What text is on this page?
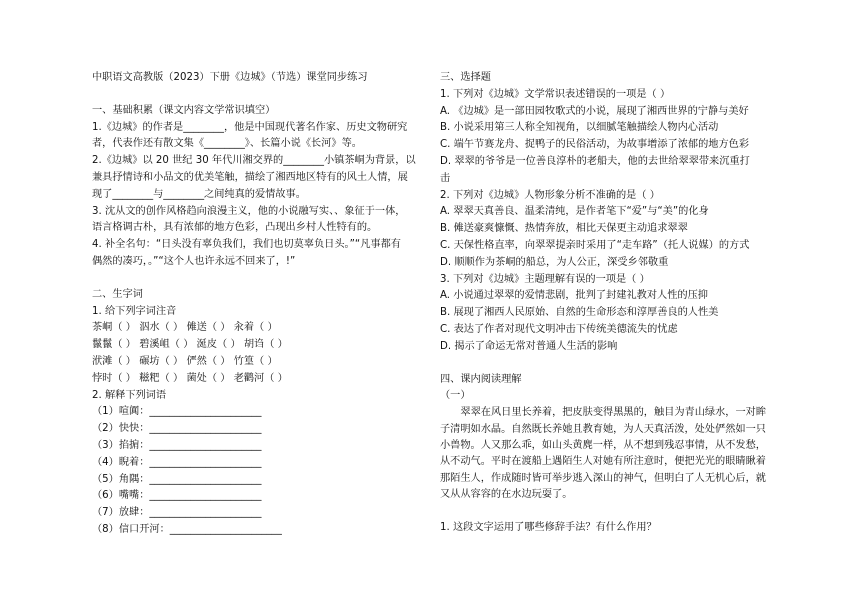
中职语文高教版（2023）下册《边城》（节选）课堂同步练习
一、基础积累（课文内容文学常识填空）
1.《边城》的作者是________，他是中国现代著名作家、历史文物研究
者，代表作还有散文集《________》、长篇小说《长河》等。
2.《边城》以 20 世纪 30 年代川湘交界的________小镇茶峒为背景，以
兼具抒情诗和小品文的优美笔触，描绘了湘西地区特有的风土人情，展
现了________与________之间纯真的爱情故事。
3. 沈从文的创作风格趋向浪漫主义，他的小说融写实、、象征于一体，
语言格调古朴，具有浓郁的地方色彩，凸现出乡村人性特有的。
4. 补全名句：“日头没有辜负我们，我们也切莫辜负日头。”“凡事都有
偶然的凑巧，。”“这个人也许永远不回来了，!”
二、生字词
1. 给下列字词注音
茶峒（ ） 泅水（ ） 傩送（ ） 汆着（ ）
鬣鬣（ ） 碧溪岨（ ） 涎皮（ ） 胡诌（ ）
洑滩（ ） 碾坊（ ） 俨然（ ） 竹篁（ ）
悖时（ ） 糍粑（ ） 菌处（ ） 老鹳河（ ）
2. 解释下列词语
（1）喧阗：______________________
（2）快快：______________________
（3）掐掮：______________________
（4）睨着：______________________
（5）角隅：______________________
（6）嘴嘴：______________________
（7）放肆：______________________
（8）信口开河：______________________
三、选择题
1. 下列对《边城》文学常识表述错误的一项是（ ）
A. 《边城》是一部田园牧歌式的小说，展现了湘西世界的宁静与美好
B. 小说采用第三人称全知视角，以细腻笔触描绘人物内心活动
C. 端午节赛龙舟、捉鸭子的民俗活动，为故事增添了浓郁的地方色彩
D. 翠翠的爷爷是一位善良淳朴的老船夫，他的去世给翠翠带来沉重打
击
2. 下列对《边城》人物形象分析不准确的是（ ）
A. 翠翠天真善良、温柔清纯，是作者笔下“爱”与“美”的化身
B. 傩送豪爽慷慨、热情奔放，相比天保更主动追求翠翠
C. 天保性格直率，向翠翠提亲时采用了“走车路”（托人说媒）的方式
D. 顺顺作为茶峒的船总，为人公正，深受乡邻敬重
3. 下列对《边城》主题理解有误的一项是（ ）
A. 小说通过翠翠的爱情悲剧，批判了封建礼教对人性的压抑
B. 展现了湘西人民原始、自然的生命形态和淳厚善良的人性美
C. 表达了作者对现代文明冲击下传统美德流失的忧虑
D. 揭示了命运无常对普通人生活的影响
四、课内阅读理解
（一）
翠翠在风日里长养着，把皮肤变得黑黑的，触目为青山绿水，一对眸子清明如水晶。自然既长养她且教育她，为人天真活泼，处处俨然如一只小兽物。人又那么乖，如山头黄麂一样，从不想到残忍事情，从不发愁，从不动气。平时在渡船上遇陌生人对她有所注意时，便把光光的眼睛瞅着那陌生人，作成随时皆可举步逃入深山的神气，但明白了人无机心后，就又从从容容的在水边玩耍了。
1. 这段文字运用了哪些修辞手法？有什么作用？
